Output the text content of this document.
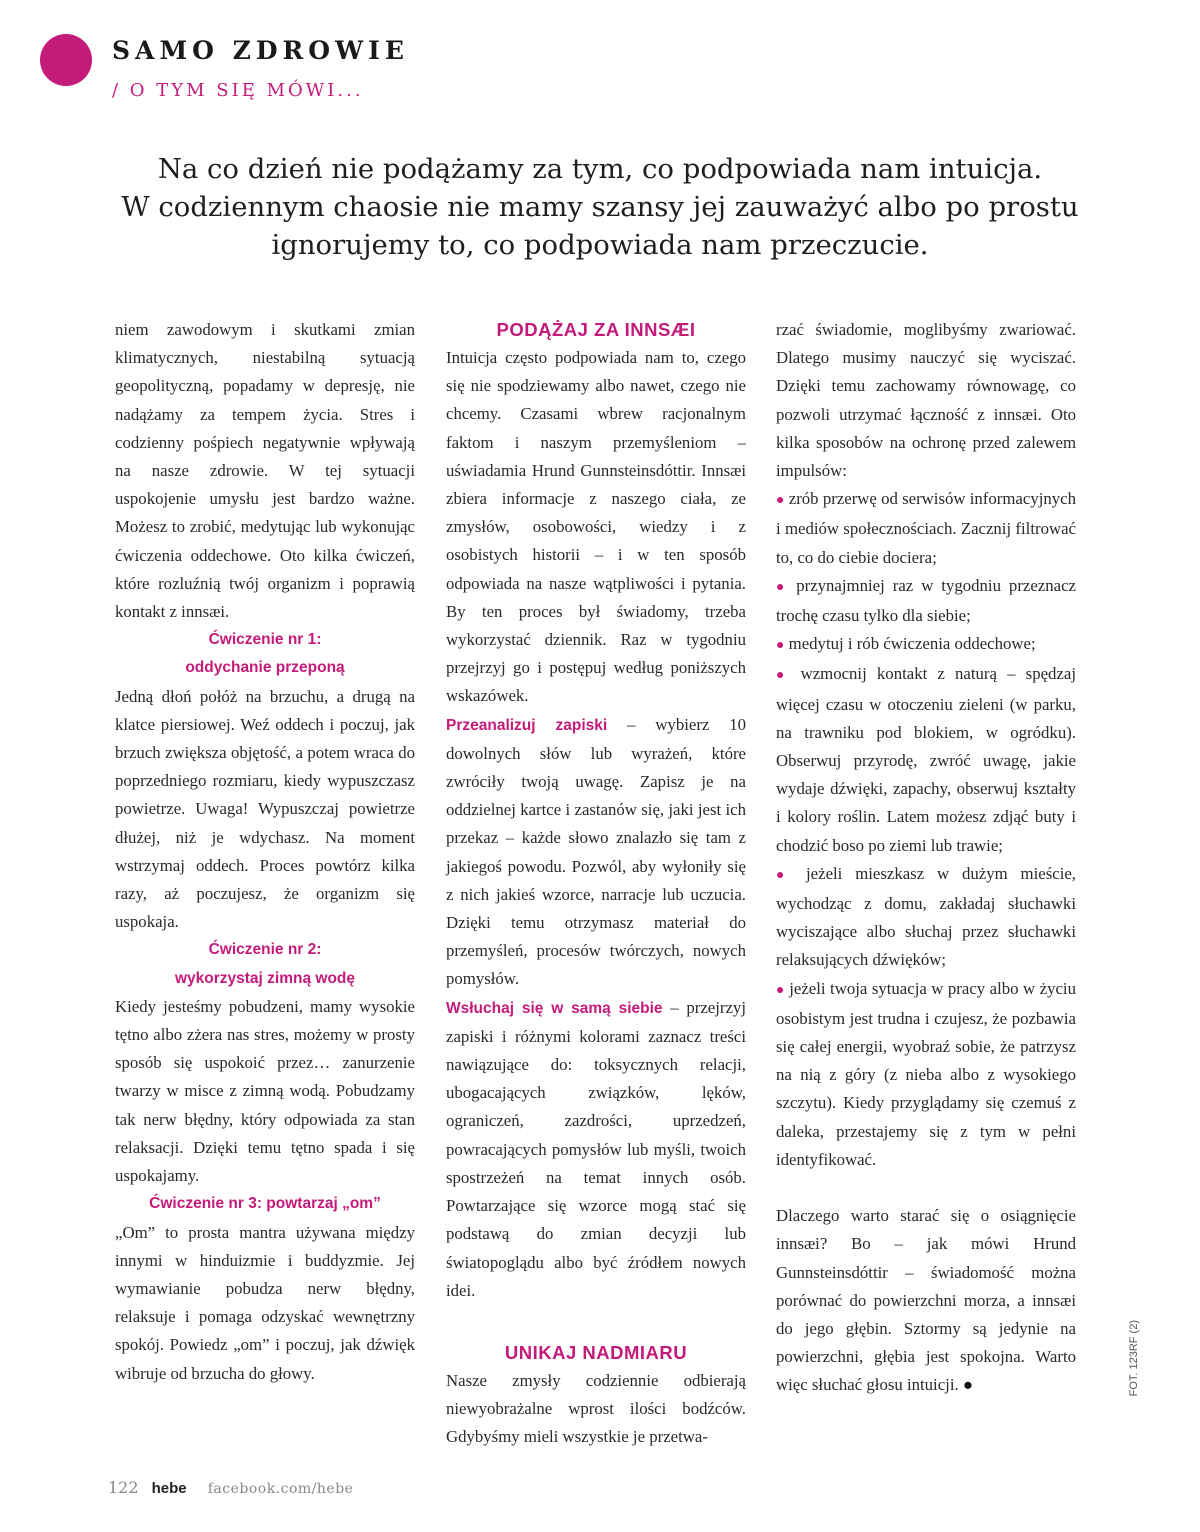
SAMO ZDROWIE
/ O TYM SIĘ MÓWI...
Na co dzień nie podążamy za tym, co podpowiada nam intuicja.
W codziennym chaosie nie mamy szansy jej zauważyć albo po prostu
ignorujemy to, co podpowiada nam przeczucie.

niem zawodowym i skutkami zmian klimatycznych, niestabilną sytuacją geopolityczną, popadamy w depresję, nie nadążamy za tempem życia. Stres i codzienny pośpiech negatywnie wpływają na nasze zdrowie. W tej sytuacji uspokojenie umysłu jest bardzo ważne. Możesz to zrobić, medytując lub wykonując ćwiczenia oddechowe. Oto kilka ćwiczeń, które rozluźnią twój organizm i poprawią kontakt z innsæi.

Ćwiczenie nr 1:

oddychanie przeponą

Jedną dłoń połóż na brzuchu, a drugą na klatce piersiowej. Weź oddech i poczuj, jak brzuch zwiększa objętość, a potem wraca do poprzedniego rozmiaru, kiedy wypuszczasz powietrze. Uwaga! Wypuszczaj powietrze dłużej, niż je wdychasz. Na moment wstrzymaj oddech. Proces powtórz kilka razy, aż poczujesz, że organizm się uspokaja.

Ćwiczenie nr 2:

wykorzystaj zimną wodę

Kiedy jesteśmy pobudzeni, mamy wysokie tętno albo zżera nas stres, możemy w prosty sposób się uspokoić przez… zanurzenie twarzy w misce z zimną wodą. Pobudzamy tak nerw błędny, który odpowiada za stan relaksacji. Dzięki temu tętno spada i się uspokajamy.

Ćwiczenie nr 3: powtarzaj „om”

„Om” to prosta mantra używana między innymi w hinduizmie i buddyzmie. Jej wymawianie pobudza nerw błędny, relaksuje i pomaga odzyskać wewnętrzny spokój. Powiedz „om” i poczuj, jak dźwięk wibruje od brzucha do głowy.

PODĄŻAJ ZA INNSÆI

Intuicja często podpowiada nam to, czego się nie spodziewamy albo nawet, czego nie chcemy. Czasami wbrew racjonalnym faktom i naszym przemyśleniom – uświadamia Hrund Gunnsteinsdóttir. Innsæi zbiera informacje z naszego ciała, ze zmysłów, osobowości, wiedzy i z osobistych historii – i w ten sposób odpowiada na nasze wątpliwości i pytania. By ten proces był świadomy, trzeba wykorzystać dziennik. Raz w tygodniu przejrzyj go i postępuj według poniższych wskazówek.

Przeanalizuj zapiski – wybierz 10 dowolnych słów lub wyrażeń, które zwróciły twoją uwagę. Zapisz je na oddzielnej kartce i zastanów się, jaki jest ich przekaz – każde słowo znalazło się tam z jakiegoś powodu. Pozwól, aby wyłoniły się z nich jakieś wzorce, narracje lub uczucia. Dzięki temu otrzymasz materiał do przemyśleń, procesów twórczych, nowych pomysłów.

Wsłuchaj się w samą siebie – przejrzyj zapiski i różnymi kolorami zaznacz treści nawiązujące do: toksycznych relacji, ubogacających związków, lęków, ograniczeń, zazdrości, uprzedzeń, powracających pomysłów lub myśli, twoich spostrzeżeń na temat innych osób. Powtarzające się wzorce mogą stać się podstawą do zmian decyzji lub światopoglądu albo być źródłem nowych idei.

UNIKAJ NADMIARU

Nasze zmysły codziennie odbierają niewyobrażalne wprost ilości bodźców. Gdybyśmy mieli wszystkie je przetwa-

rzać świadomie, moglibyśmy zwariować. Dlatego musimy nauczyć się wyciszać. Dzięki temu zachowamy równowagę, co pozwoli utrzymać łączność z innsæi. Oto kilka sposobów na ochronę przed zalewem impulsów:

● zrób przerwę od serwisów informacyjnych i mediów społecznościach. Zacznij filtrować to, co do ciebie dociera;

● przynajmniej raz w tygodniu przeznacz trochę czasu tylko dla siebie;

● medytuj i rób ćwiczenia oddechowe;

● wzmocnij kontakt z naturą – spędzaj więcej czasu w otoczeniu zieleni (w parku, na trawniku pod blokiem, w ogródku). Obserwuj przyrodę, zwróć uwagę, jakie wydaje dźwięki, zapachy, obserwuj kształty i kolory roślin. Latem możesz zdjąć buty i chodzić boso po ziemi lub trawie;

● jeżeli mieszkasz w dużym mieście, wychodząc z domu, zakładaj słuchawki wyciszające albo słuchaj przez słuchawki relaksujących dźwięków;

● jeżeli twoja sytuacja w pracy albo w życiu osobistym jest trudna i czujesz, że pozbawia się całej energii, wyobraź sobie, że patrzysz na nią z góry (z nieba albo z wysokiego szczytu). Kiedy przyglądamy się czemuś z daleka, przestajemy się z tym w pełni identyfikować.

Dlaczego warto starać się o osiągnięcie innsæi? Bo – jak mówi Hrund Gunnsteinsdóttir – świadomość można porównać do powierzchni morza, a innsæi do jego głębin. Sztormy są jedynie na powierzchni, głębia jest spokojna. Warto więc słuchać głosu intuicji. ●	FOT. 123RF (2)
122 hebe facebook.com/hebe
